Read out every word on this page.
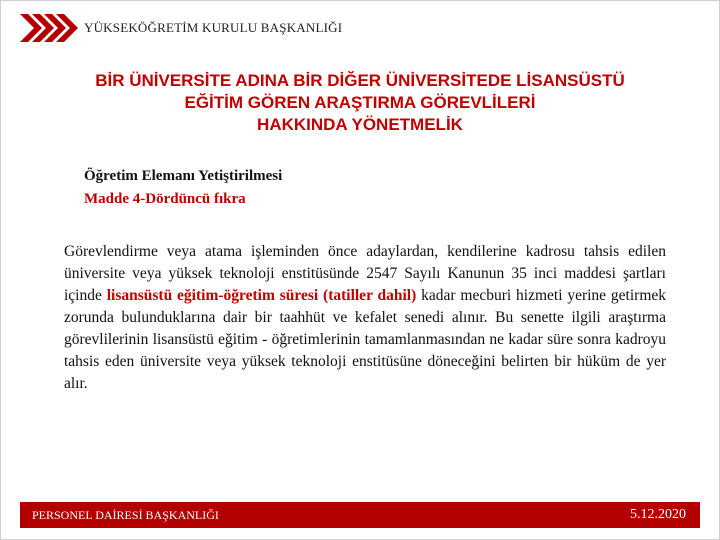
YÜKSEKÖĞRETİM KURULU BAŞKANLIĞI
BİR ÜNİVERSİTE ADINA BİR DİĞER ÜNİVERSİTEDE LİSANSÜSTÜ
EĞİTİM GÖREN ARAŞTIRMA GÖREVLİLERİ
HAKKINDA YÖNETMELİK
Öğretim Elemanı Yetiştirilmesi
Madde 4-Dördüncü fıkra

Görevlendirme veya atama işleminden önce adaylardan, kendilerine kadrosu tahsis edilen üniversite veya yüksek teknoloji enstitüsünde 2547 Sayılı Kanunun 35 inci maddesi şartları içinde lisansüstü eğitim-öğretim süresi (tatiller dahil) kadar mecburi hizmeti yerine getirmek zorunda bulunduklarına dair bir taahhüt ve kefalet senedi alınır. Bu senette ilgili araştırma görevlilerinin lisansüstü eğitim - öğretimlerinin tamamlanmasından ne kadar süre sonra kadroyu tahsis eden üniversite veya yüksek teknoloji enstitüsüne döneceğini belirten bir hüküm de yer alır.

PERSONEL DAİRESİ BAŞKANLIĞI	5.12.2020
